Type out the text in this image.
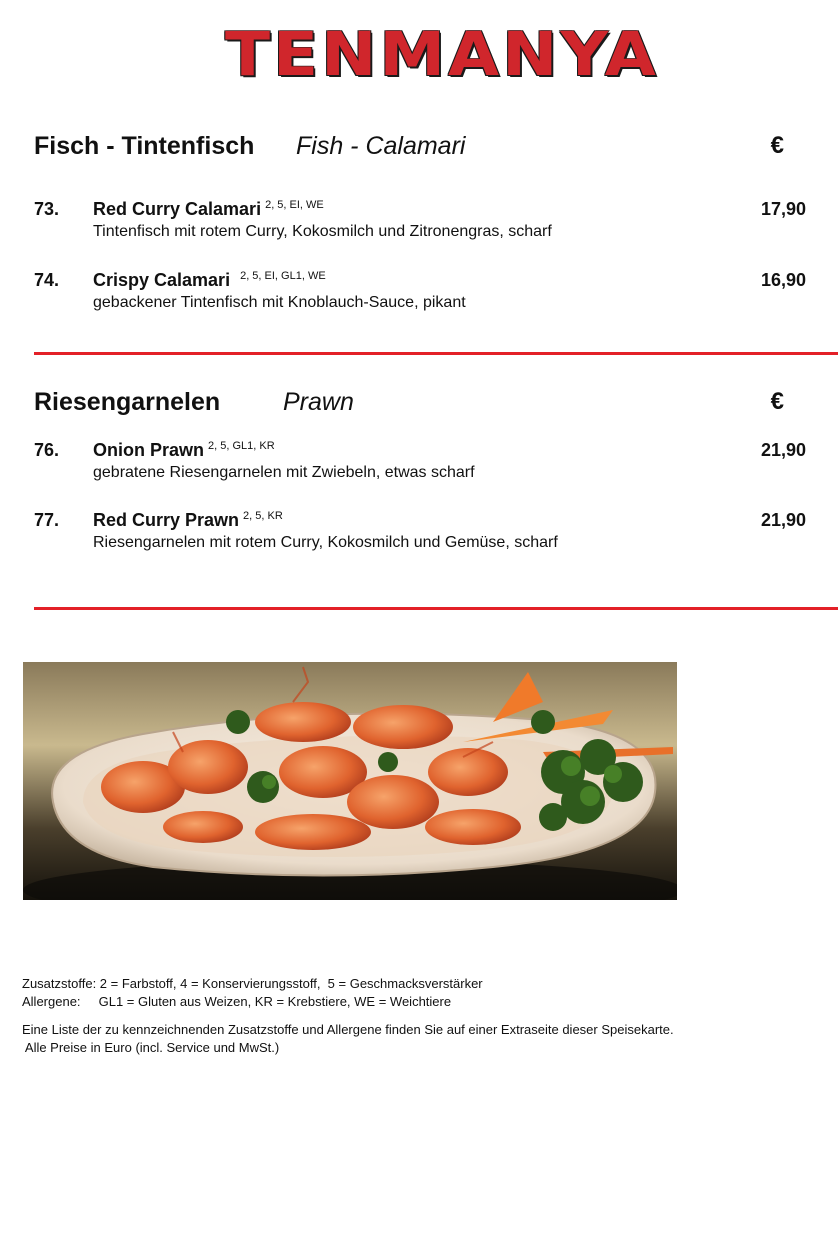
TENMANYA
Fisch - Tintenfisch Fish - Calamari	€
73. Red Curry Calamari $^{2, 5, EI, WE}$	17,90
Tintenfisch mit rotem Curry, Kokosmilch und Zitronengras, scharf
74. Crispy Calamari $^{2, 5, EI, GL1, WE}$	16,90
gebackener Tintenfisch mit Knoblauch-Sauce, pikant
Riesengarnelen	Prawn	€
76. Onion Prawn $^{2, 5, GL1, KR}$	21,90
gebratene Riesengarnelen mit Zwiebeln, etwas scharf
77. Red Curry Prawn $^{2, 5, KR}$	21,90
Riesengarnelen mit rotem Curry, Kokosmilch und Gemüse, scharf
Zusatzstoffe: 2 = Farbstoff, 4 = Konservierungsstoff,  5 = Geschmacksverstärker
Allergene:     GL1 = Gluten aus Weizen, KR = Krebstiere, WE = Weichtiere
Eine Liste der zu kennzeichnenden Zusatzstoffe und Allergene finden Sie auf einer Extraseite dieser Speisekarte.
Alle Preise in Euro (incl. Service und MwSt.)
